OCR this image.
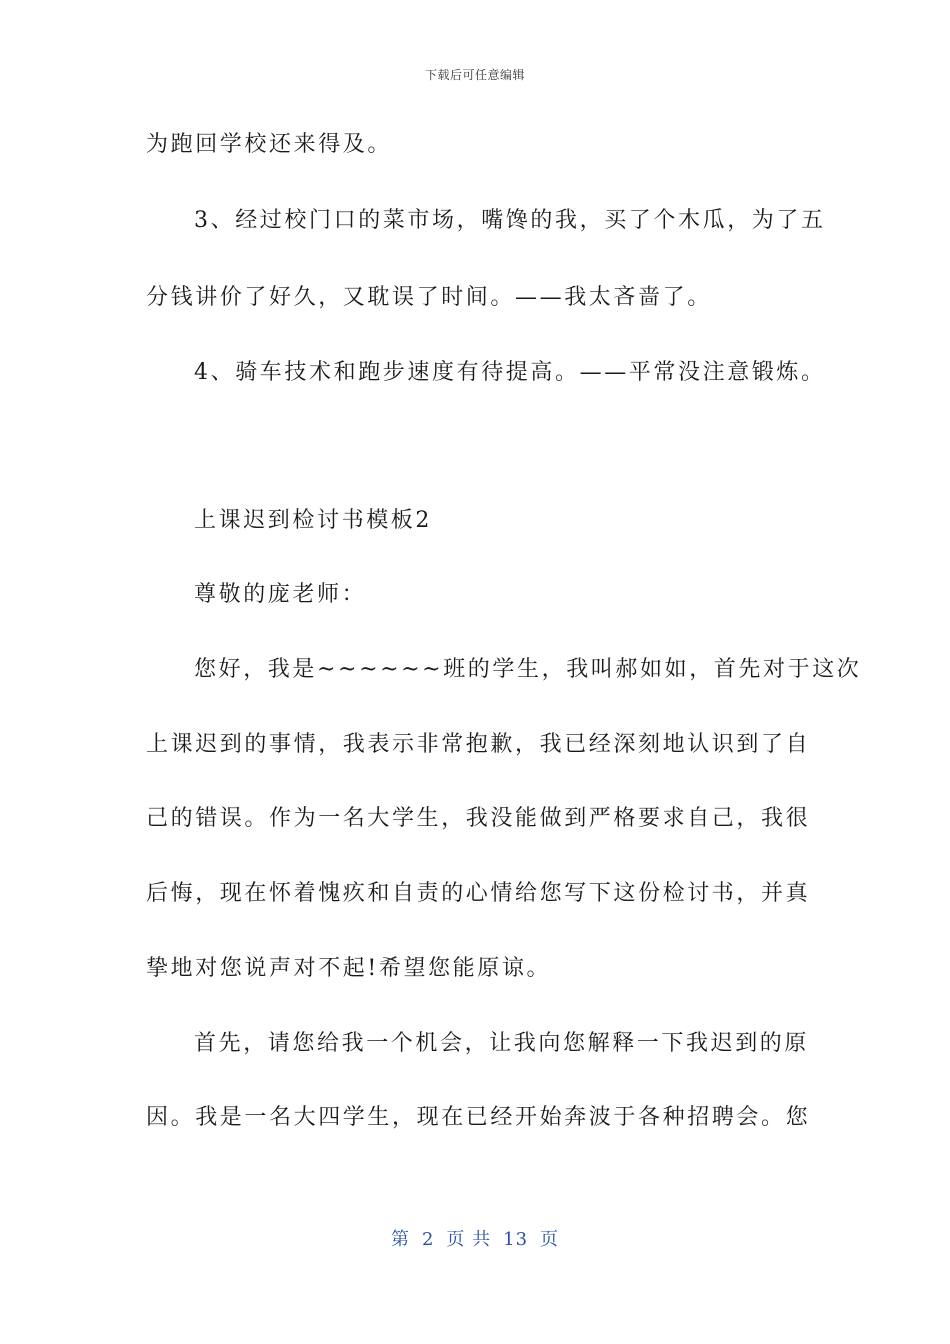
下载后可任意编辑
为跑回学校还来得及。
3、经过校门口的菜市场，嘴馋的我，买了个木瓜，为了五
分钱讲价了好久，又耽误了时间。——我太吝啬了。
4、骑车技术和跑步速度有待提高。——平常没注意锻炼。
上课迟到检讨书模板2
尊敬的庞老师：
您好，我是~~~~~~班的学生，我叫郝如如，首先对于这次
上课迟到的事情，我表示非常抱歉，我已经深刻地认识到了自
己的错误。作为一名大学生，我没能做到严格要求自己，我很
后悔，现在怀着愧疚和自责的心情给您写下这份检讨书，并真
挚地对您说声对不起!希望您能原谅。
首先，请您给我一个机会，让我向您解释一下我迟到的原
因。我是一名大四学生，现在已经开始奔波于各种招聘会。您
第 2 页 共 13 页
